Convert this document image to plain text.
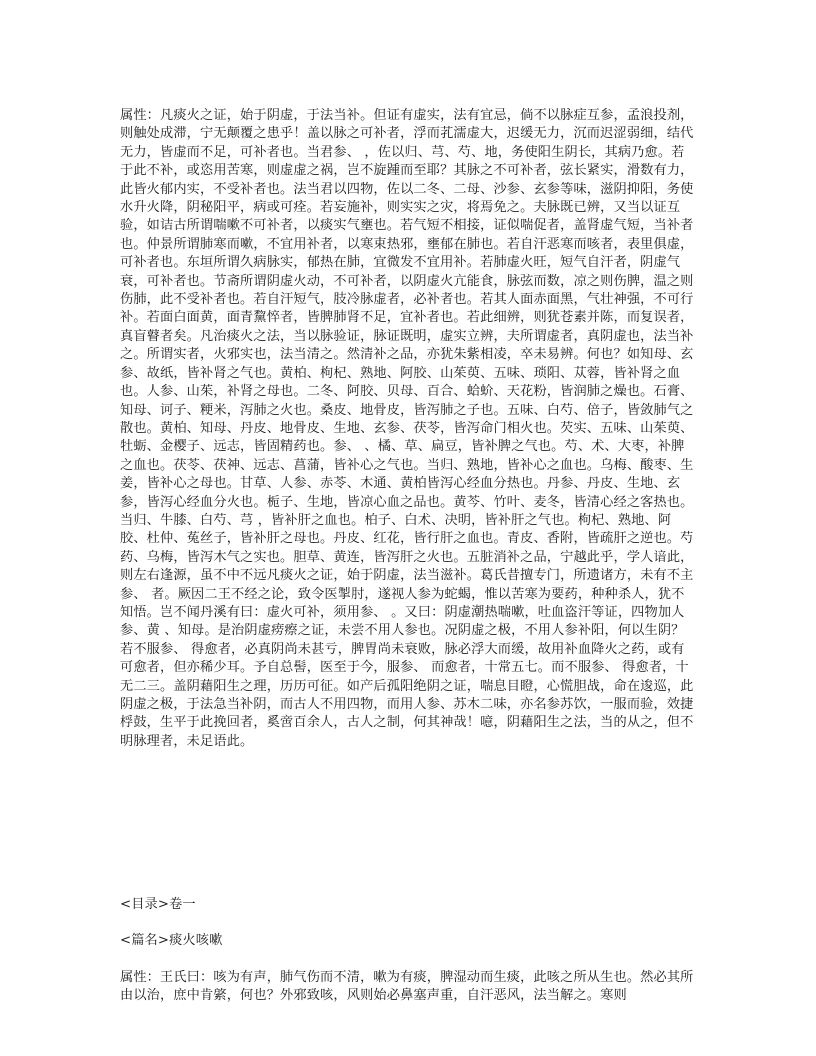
属性：凡痰火之证，始于阴虚，于法当补。但证有虚实，法有宜忌，倘不以脉症互参，孟浪投剂，则触处成滞，宁无颠覆之患乎！盖以脉之可补者，浮而芤濡虚大，迟缓无力，沉而迟涩弱细，结代无力，皆虚而不足，可补者也。当君参、 ，佐以归、芎、芍、地，务使阳生阴长，其病乃愈。若于此不补，或恣用苦寒，则虚虚之祸，岂不旋踵而至耶？其脉之不可补者，弦长紧实，滑数有力，此皆火郁内实，不受补者也。法当君以四物，佐以二冬、二母、沙参、玄参等味，滋阴抑阳，务使水升火降，阴秘阳平，病或可痊。若妄施补，则实实之灾，将焉免之。夫脉既已辨，又当以证互验，如诘古所谓喘嗽不可补者，以痰实气壅也。若气短不相接，证似喘促者，盖肾虚气短，当补者也。仲景所谓肺寒而嗽，不宜用补者，以寒束热邪，壅郁在肺也。若自汗恶寒而咳者，表里俱虚，可补者也。东垣所谓久病脉实，郁热在肺，宜微发不宜用补。若肺虚火旺，短气自汗者，阴虚气衰，可补者也。节斋所谓阴虚火动，不可补者，以阴虚火亢能食，脉弦而数，凉之则伤脾，温之则伤肺，此不受补者也。若自汗短气，肢冷脉虚者，必补者也。若其人面赤面黑，气壮神强，不可行补。若面白面黄，面青黧悴者，皆脾肺肾不足，宜补者也。若此细辨，则犹苍素并陈，而复误者，真盲瞽者矣。凡治痰火之法，当以脉验证，脉证既明，虚实立辨，夫所谓虚者，真阴虚也，法当补之。所谓实者，火邪实也，法当清之。然清补之品，亦犹朱紫相凌，卒未易辨。何也？如知母、玄参、故纸，皆补肾之气也。黄柏、枸杞、熟地、阿胶、山茱萸、五味、琐阳、苁蓉，皆补肾之血也。人参、山茱，补肾之母也。二冬、阿胶、贝母、百合、蛤蚧、天花粉，皆润肺之燥也。石膏、知母、诃子、粳米，泻肺之火也。桑皮、地骨皮，皆泻肺之子也。五味、白芍、倍子，皆敛肺气之散也。黄柏、知母、丹皮、地骨皮、生地、玄参、茯苓，皆泻命门相火也。芡实、五味、山茱萸、牡蛎、金樱子、远志，皆固精药也。参、 、橘、草、扁豆，皆补脾之气也。芍、术、大枣，补脾之血也。茯苓、茯神、远志、菖蒲，皆补心之气也。当归、熟地，皆补心之血也。乌梅、酸枣、生姜，皆补心之母也。甘草、人参、赤苓、木通、黄柏皆泻心经血分热也。丹参、丹皮、生地、玄参，皆泻心经血分火也。栀子、生地，皆凉心血之品也。黄芩、竹叶、麦冬，皆清心经之客热也。当归、牛膝、白芍、芎 ，皆补肝之血也。柏子、白术、决明，皆补肝之气也。枸杞、熟地、阿胶、杜仲、菟丝子，皆补肝之母也。丹皮、红花，皆行肝之血也。青皮、香附，皆疏肝之逆也。芍药、乌梅，皆泻木气之实也。胆草、黄连，皆泻肝之火也。五脏消补之品，宁越此乎，学人谙此，则左右逢源，虽不中不远凡痰火之证，始于阴虚，法当滋补。葛氏昔擅专门，所遗诸方，未有不主参、 者。厥因二王不经之论，致令医掣肘，遂视人参为蛇蝎，惟以苦寒为要药，种种杀人，犹不知悟。岂不闻丹溪有曰：虚火可补，须用参、 。又曰：阴虚潮热喘嗽，吐血盗汗等证，四物加人参、黄 、知母。是治阴虚痨瘵之证，未尝不用人参也。况阴虚之极，不用人参补阳，何以生阴？若不服参、 得愈者，必真阴尚未甚亏，脾胃尚未衰败，脉必浮大而缓，故用补血降火之药，或有可愈者，但亦稀少耳。予自总髻，医至于今，服参、 而愈者，十常五七。而不服参、 得愈者，十无二三。盖阴藉阳生之理，历历可征。如产后孤阳绝阴之证，喘息目瞪，心慌胆战，命在逡巡，此阴虚之极，于法急当补阴，而古人不用四物，而用人参、苏木二味，亦名参苏饮，一服而验，效捷桴鼓，生平于此挽回者，奚啻百余人，古人之制，何其神哉！噫，阴藉阳生之法，当的从之，但不明脉理者，未足语此。

<目录>卷一

<篇名>痰火咳嗽

属性：王氏曰：咳为有声，肺气伤而不清，嗽为有痰，脾湿动而生痰，此咳之所从生也。然必其所由以治，庶中肯綮，何也？外邪致咳，风则始必鼻塞声重，自汗恶风，法当解之。寒则
